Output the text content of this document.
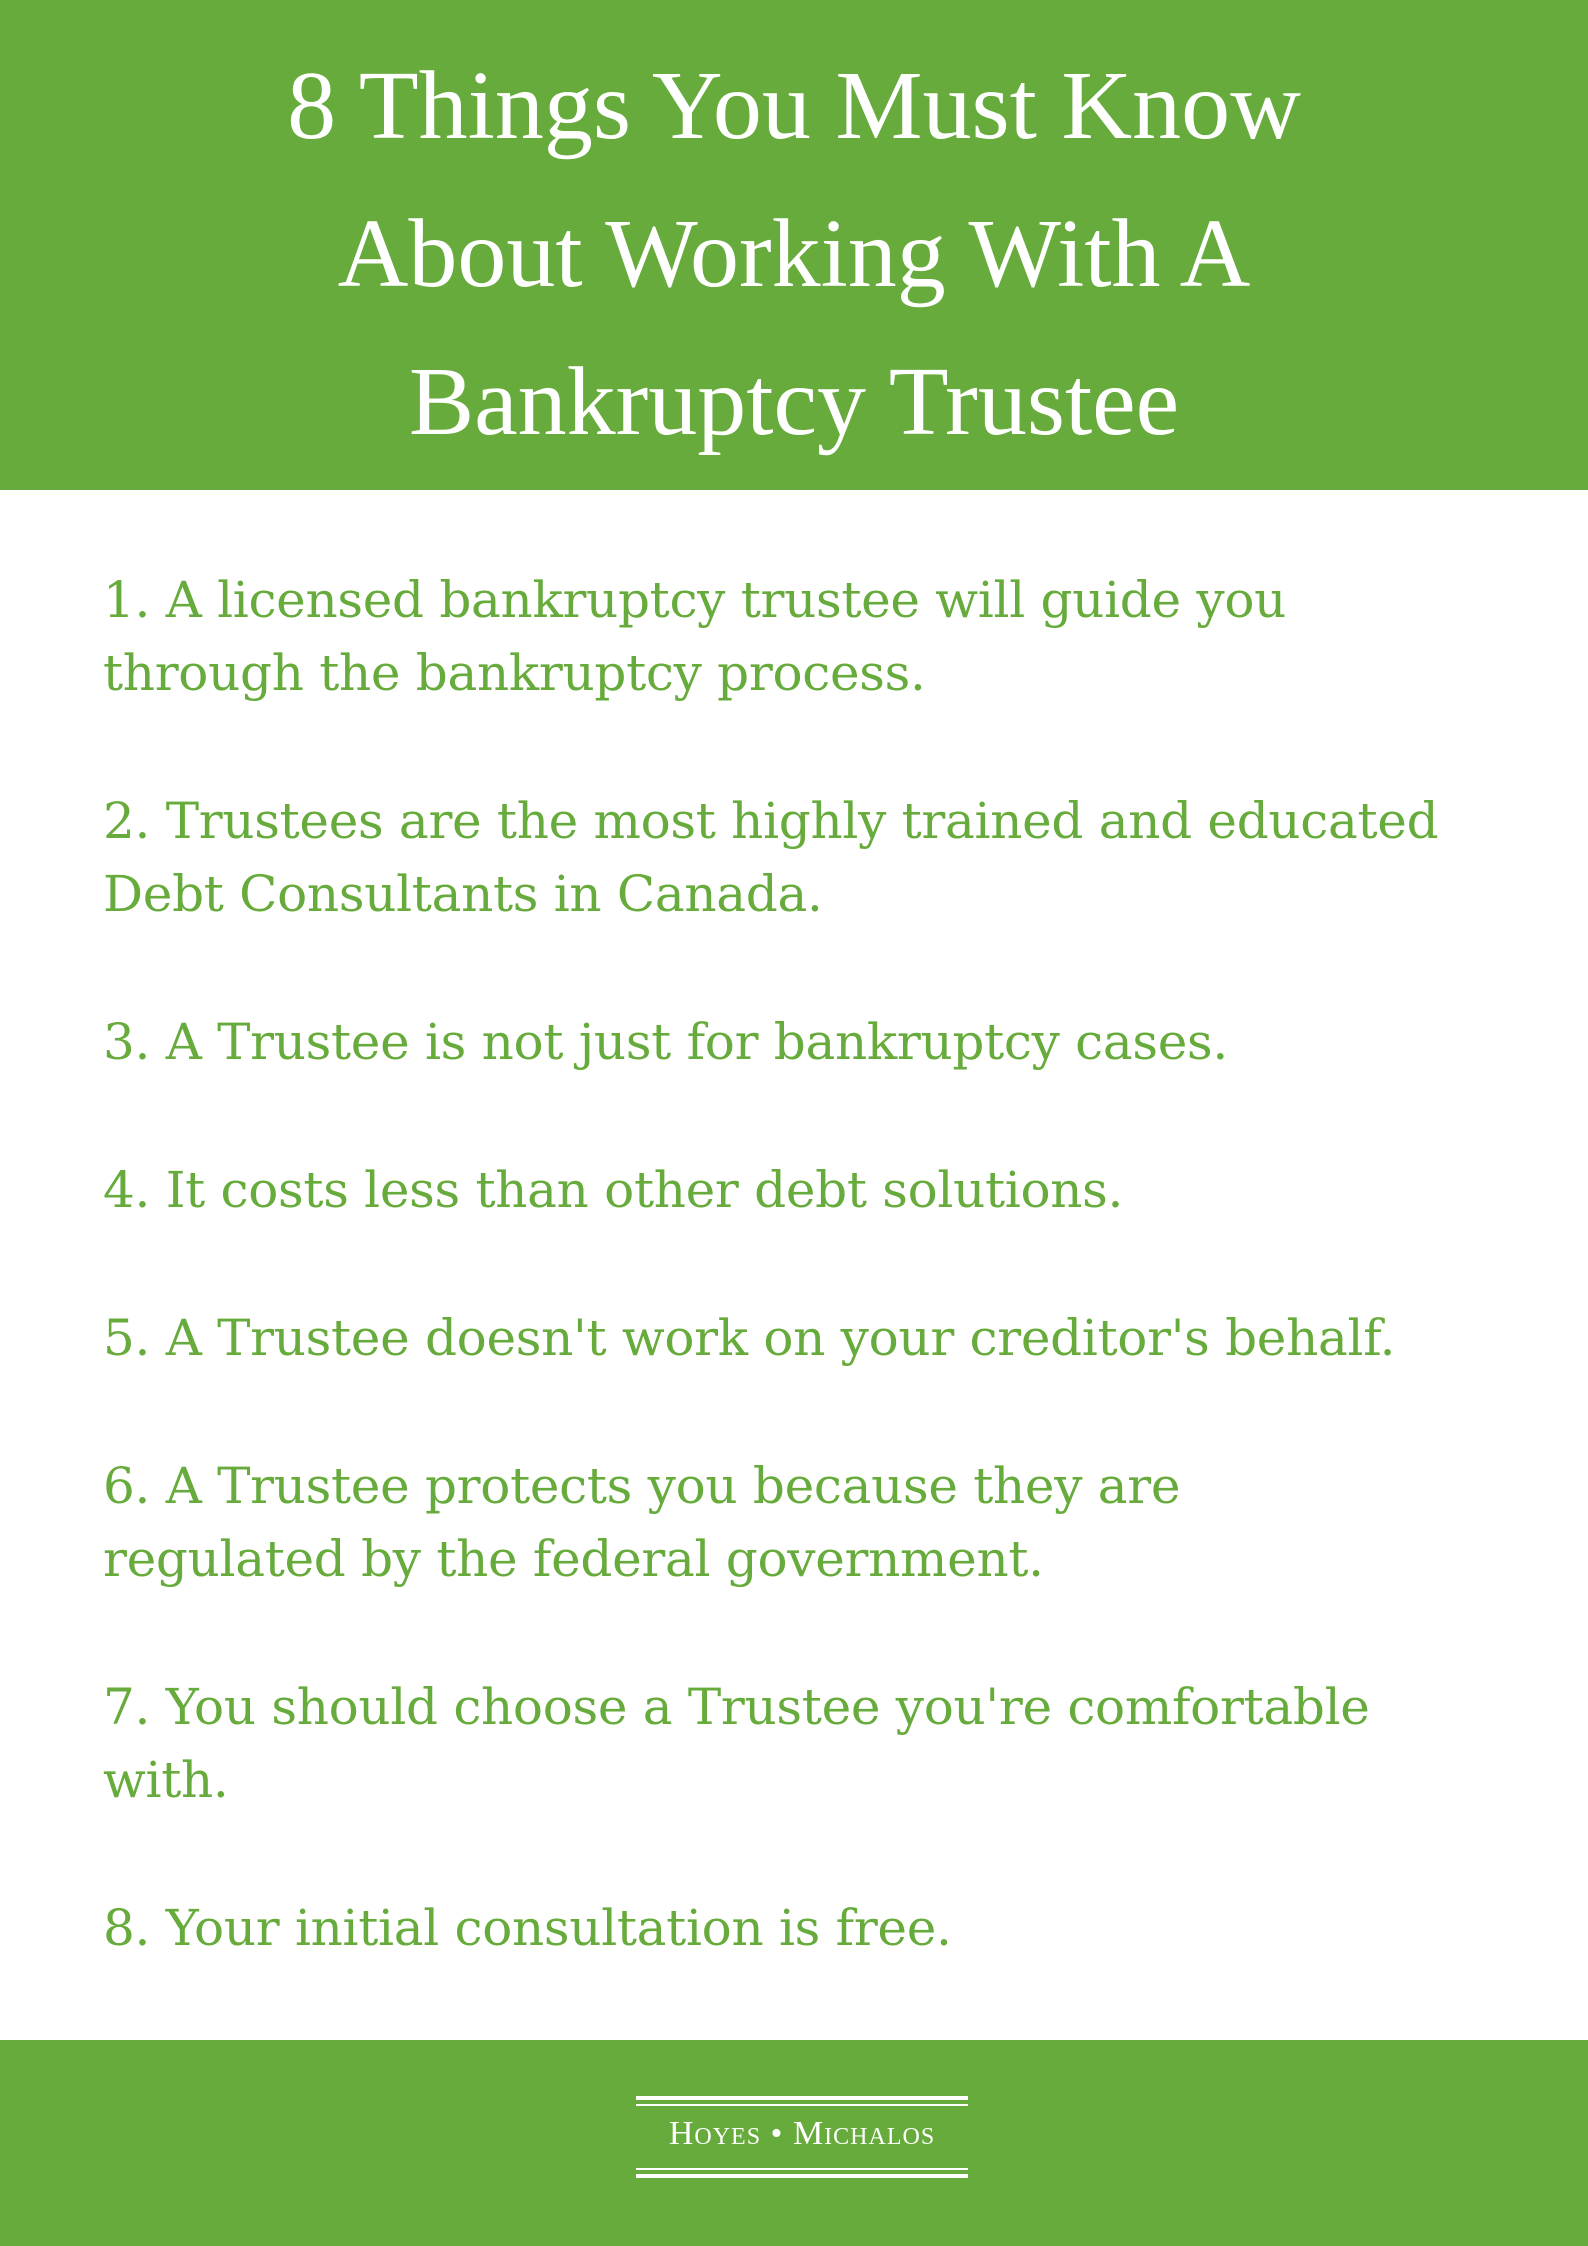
8 Things You Must Know
About Working With A
Bankruptcy Trustee
1. A licensed bankruptcy trustee will guide you
through the bankruptcy process.
2. Trustees are the most highly trained and educated
Debt Consultants in Canada.
3. A Trustee is not just for bankruptcy cases.
4. It costs less than other debt solutions.
5. A Trustee doesn't work on your creditor's behalf.
6. A Trustee protects you because they are
regulated by the federal government.
7. You should choose a Trustee you're comfortable
with.
8. Your initial consultation is free.
Hoyes • Michalos
